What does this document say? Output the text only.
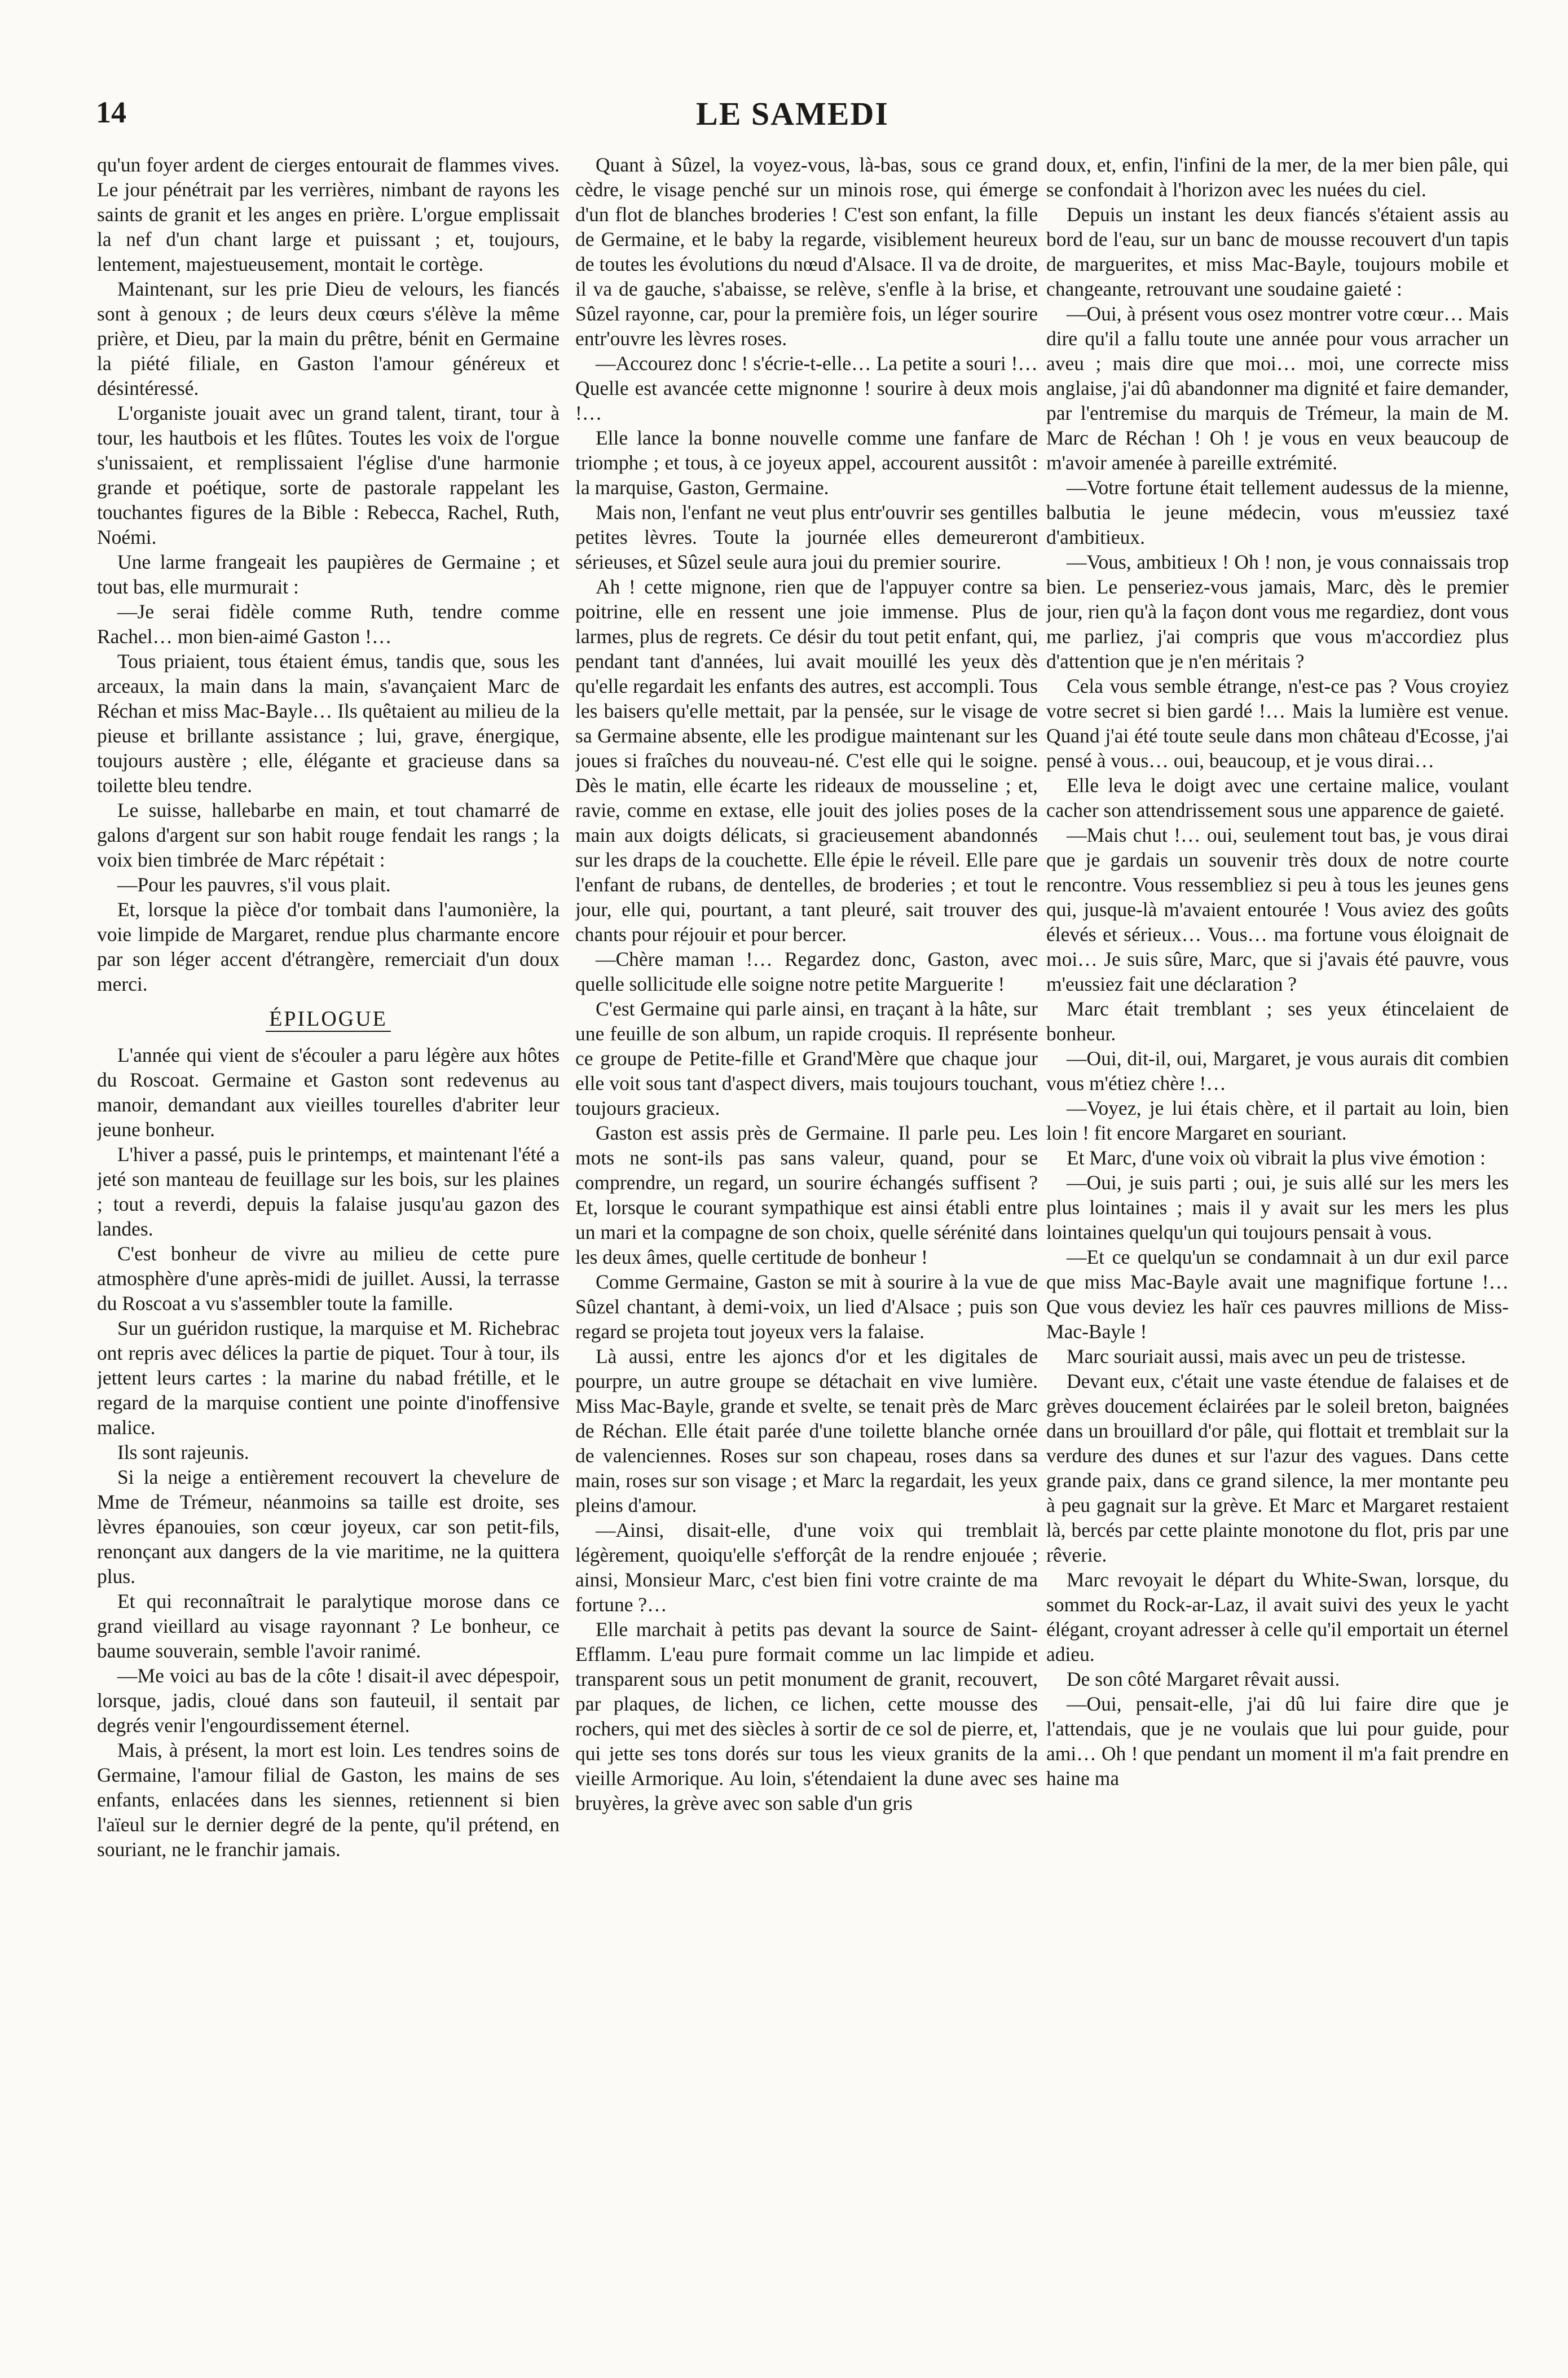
14	LE SAMEDI

qu'un foyer ardent de cierges entourait de flammes vives. Le jour pénétrait par les verrières, nimbant de rayons les saints de granit et les anges en prière. L'orgue emplissait la nef d'un chant large et puissant ; et, toujours, lentement, majestueusement, montait le cortège.

Maintenant, sur les prie Dieu de velours, les fiancés sont à genoux ; de leurs deux cœurs s'élève la même prière, et Dieu, par la main du prêtre, bénit en Germaine la piété filiale, en Gaston l'amour généreux et désintéressé.

L'organiste jouait avec un grand talent, tirant, tour à tour, les hautbois et les flûtes. Toutes les voix de l'orgue s'unissaient, et remplissaient l'église d'une harmonie grande et poétique, sorte de pastorale rappelant les touchantes figures de la Bible : Rebecca, Rachel, Ruth, Noémi.

Une larme frangeait les paupières de Germaine ; et tout bas, elle murmurait :

—Je serai fidèle comme Ruth, tendre comme Rachel… mon bien-aimé Gaston !…

Tous priaient, tous étaient émus, tandis que, sous les arceaux, la main dans la main, s'avançaient Marc de Réchan et miss Mac-Bayle… Ils quêtaient au milieu de la pieuse et brillante assistance ; lui, grave, énergique, toujours austère ; elle, élégante et gracieuse dans sa toilette bleu tendre.

Le suisse, hallebarbe en main, et tout chamarré de galons d'argent sur son habit rouge fendait les rangs ; la voix bien timbrée de Marc répétait :

—Pour les pauvres, s'il vous plait.

Et, lorsque la pièce d'or tombait dans l'aumonière, la voie limpide de Margaret, rendue plus charmante encore par son léger accent d'étrangère, remerciait d'un doux merci.

ÉPILOGUE

L'année qui vient de s'écouler a paru légère aux hôtes du Roscoat. Germaine et Gaston sont redevenus au manoir, demandant aux vieilles tourelles d'abriter leur jeune bonheur.

L'hiver a passé, puis le printemps, et maintenant l'été a jeté son manteau de feuillage sur les bois, sur les plaines ; tout a reverdi, depuis la falaise jusqu'au gazon des landes.

C'est bonheur de vivre au milieu de cette pure atmosphère d'une après-midi de juillet. Aussi, la terrasse du Roscoat a vu s'assembler toute la famille.

Sur un guéridon rustique, la marquise et M. Richebrac ont repris avec délices la partie de piquet. Tour à tour, ils jettent leurs cartes : la marine du nabad frétille, et le regard de la marquise contient une pointe d'inoffensive malice.

Ils sont rajeunis.

Si la neige a entièrement recouvert la chevelure de Mme de Trémeur, néanmoins sa taille est droite, ses lèvres épanouies, son cœur joyeux, car son petit-fils, renonçant aux dangers de la vie maritime, ne la quittera plus.

Et qui reconnaîtrait le paralytique morose dans ce grand vieillard au visage rayonnant ? Le bonheur, ce baume souverain, semble l'avoir ranimé.

—Me voici au bas de la côte ! disait-il avec dépespoir, lorsque, jadis, cloué dans son fauteuil, il sentait par degrés venir l'engourdissement éternel.

Mais, à présent, la mort est loin. Les tendres soins de Germaine, l'amour filial de Gaston, les mains de ses enfants, enlacées dans les siennes, retiennent si bien l'aïeul sur le dernier degré de la pente, qu'il prétend, en souriant, ne le franchir jamais.

Quant à Sûzel, la voyez-vous, là-bas, sous ce grand cèdre, le visage penché sur un minois rose, qui émerge d'un flot de blanches broderies ! C'est son enfant, la fille de Germaine, et le baby la regarde, visiblement heureux de toutes les évolutions du nœud d'Alsace. Il va de droite, il va de gauche, s'abaisse, se relève, s'enfle à la brise, et Sûzel rayonne, car, pour la première fois, un léger sourire entr'ouvre les lèvres roses.

—Accourez donc ! s'écrie-t-elle… La petite a souri !… Quelle est avancée cette mignonne ! sourire à deux mois !…

Elle lance la bonne nouvelle comme une fanfare de triomphe ; et tous, à ce joyeux appel, accourent aussitôt : la marquise, Gaston, Germaine.

Mais non, l'enfant ne veut plus entr'ouvrir ses gentilles petites lèvres. Toute la journée elles demeureront sérieuses, et Sûzel seule aura joui du premier sourire.

Ah ! cette mignone, rien que de l'appuyer contre sa poitrine, elle en ressent une joie immense. Plus de larmes, plus de regrets. Ce désir du tout petit enfant, qui, pendant tant d'années, lui avait mouillé les yeux dès qu'elle regardait les enfants des autres, est accompli. Tous les baisers qu'elle mettait, par la pensée, sur le visage de sa Germaine absente, elle les prodigue maintenant sur les joues si fraîches du nouveau-né. C'est elle qui le soigne. Dès le matin, elle écarte les rideaux de mousseline ; et, ravie, comme en extase, elle jouit des jolies poses de la main aux doigts délicats, si gracieusement abandonnés sur les draps de la couchette. Elle épie le réveil. Elle pare l'enfant de rubans, de dentelles, de broderies ; et tout le jour, elle qui, pourtant, a tant pleuré, sait trouver des chants pour réjouir et pour bercer.

—Chère maman !… Regardez donc, Gaston, avec quelle sollicitude elle soigne notre petite Marguerite !

C'est Germaine qui parle ainsi, en traçant à la hâte, sur une feuille de son album, un rapide croquis. Il représente ce groupe de Petite-fille et Grand'Mère que chaque jour elle voit sous tant d'aspect divers, mais toujours touchant, toujours gracieux.

Gaston est assis près de Germaine. Il parle peu. Les mots ne sont-ils pas sans valeur, quand, pour se comprendre, un regard, un sourire échangés suffisent ? Et, lorsque le courant sympathique est ainsi établi entre un mari et la compagne de son choix, quelle sérénité dans les deux âmes, quelle certitude de bonheur !

Comme Germaine, Gaston se mit à sourire à la vue de Sûzel chantant, à demi-voix, un lied d'Alsace ; puis son regard se projeta tout joyeux vers la falaise.

Là aussi, entre les ajoncs d'or et les digitales de pourpre, un autre groupe se détachait en vive lumière. Miss Mac-Bayle, grande et svelte, se tenait près de Marc de Réchan. Elle était parée d'une toilette blanche ornée de valenciennes. Roses sur son chapeau, roses dans sa main, roses sur son visage ; et Marc la regardait, les yeux pleins d'amour.

—Ainsi, disait-elle, d'une voix qui tremblait légèrement, quoiqu'elle s'efforçât de la rendre enjouée ; ainsi, Monsieur Marc, c'est bien fini votre crainte de ma fortune ?…

Elle marchait à petits pas devant la source de Saint-Efflamm. L'eau pure formait comme un lac limpide et transparent sous un petit monument de granit, recouvert, par plaques, de lichen, ce lichen, cette mousse des rochers, qui met des siècles à sortir de ce sol de pierre, et, qui jette ses tons dorés sur tous les vieux granits de la vieille Armorique. Au loin, s'étendaient la dune avec ses bruyères, la grève avec son sable d'un gris

doux, et, enfin, l'infini de la mer, de la mer bien pâle, qui se confondait à l'horizon avec les nuées du ciel.

Depuis un instant les deux fiancés s'étaient assis au bord de l'eau, sur un banc de mousse recouvert d'un tapis de marguerites, et miss Mac-Bayle, toujours mobile et changeante, retrouvant une soudaine gaieté :

—Oui, à présent vous osez montrer votre cœur… Mais dire qu'il a fallu toute une année pour vous arracher un aveu ; mais dire que moi… moi, une correcte miss anglaise, j'ai dû abandonner ma dignité et faire demander, par l'entremise du marquis de Trémeur, la main de M. Marc de Réchan ! Oh ! je vous en veux beaucoup de m'avoir amenée à pareille extrémité.

—Votre fortune était tellement audessus de la mienne, balbutia le jeune médecin, vous m'eussiez taxé d'ambitieux.

—Vous, ambitieux ! Oh ! non, je vous connaissais trop bien. Le penseriez-vous jamais, Marc, dès le premier jour, rien qu'à la façon dont vous me regardiez, dont vous me parliez, j'ai compris que vous m'accordiez plus d'attention que je n'en méritais ?

Cela vous semble étrange, n'est-ce pas ? Vous croyiez votre secret si bien gardé !… Mais la lumière est venue. Quand j'ai été toute seule dans mon château d'Ecosse, j'ai pensé à vous… oui, beaucoup, et je vous dirai…

Elle leva le doigt avec une certaine malice, voulant cacher son attendrissement sous une apparence de gaieté.

—Mais chut !… oui, seulement tout bas, je vous dirai que je gardais un souvenir très doux de notre courte rencontre. Vous ressembliez si peu à tous les jeunes gens qui, jusque-là m'avaient entourée ! Vous aviez des goûts élevés et sérieux… Vous… ma fortune vous éloignait de moi… Je suis sûre, Marc, que si j'avais été pauvre, vous m'eussiez fait une déclaration ?

Marc était tremblant ; ses yeux étincelaient de bonheur.

—Oui, dit-il, oui, Margaret, je vous aurais dit combien vous m'étiez chère !…

—Voyez, je lui étais chère, et il partait au loin, bien loin ! fit encore Margaret en souriant.

Et Marc, d'une voix où vibrait la plus vive émotion :

—Oui, je suis parti ; oui, je suis allé sur les mers les plus lointaines ; mais il y avait sur les mers les plus lointaines quelqu'un qui toujours pensait à vous.

—Et ce quelqu'un se condamnait à un dur exil parce que miss Mac-Bayle avait une magnifique fortune !… Que vous deviez les haïr ces pauvres millions de Miss-Mac-Bayle !

Marc souriait aussi, mais avec un peu de tristesse.

Devant eux, c'était une vaste étendue de falaises et de grèves doucement éclairées par le soleil breton, baignées dans un brouillard d'or pâle, qui flottait et tremblait sur la verdure des dunes et sur l'azur des vagues. Dans cette grande paix, dans ce grand silence, la mer montante peu à peu gagnait sur la grève. Et Marc et Margaret restaient là, bercés par cette plainte monotone du flot, pris par une rêverie.

Marc revoyait le départ du White-Swan, lorsque, du sommet du Rock-ar-Laz, il avait suivi des yeux le yacht élégant, croyant adresser à celle qu'il emportait un éternel adieu.

De son côté Margaret rêvait aussi.

—Oui, pensait-elle, j'ai dû lui faire dire que je l'attendais, que je ne voulais que lui pour guide, pour ami… Oh ! que pendant un moment il m'a fait prendre en haine ma
